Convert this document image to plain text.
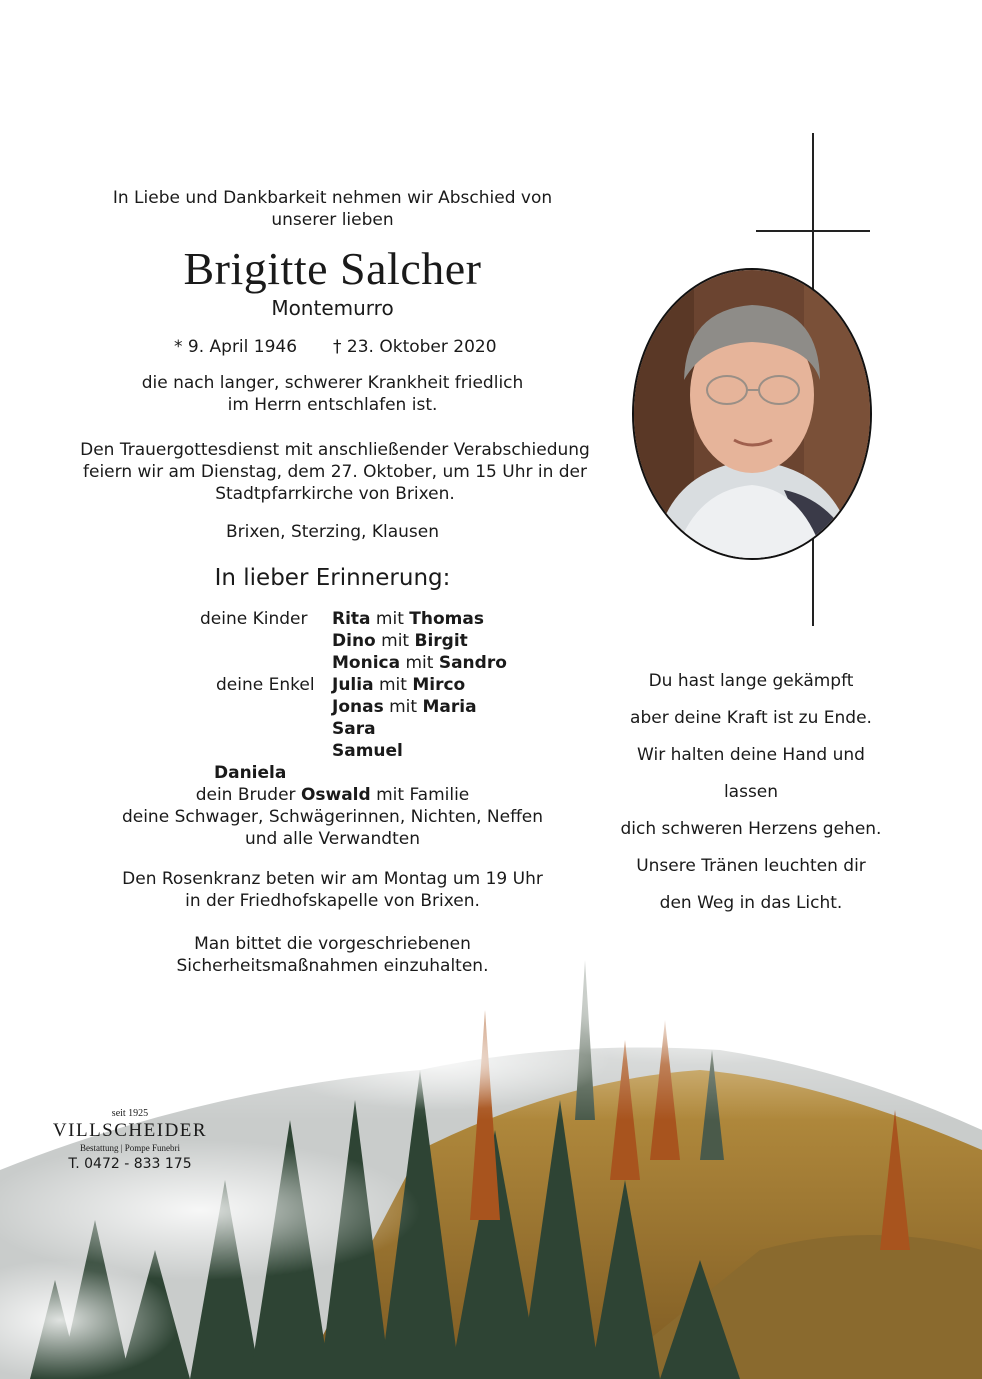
In Liebe und Dankbarkeit nehmen wir Abschied von
unserer lieben
Brigitte Salcher
Montemurro
* 9. April 1946 † 23. Oktober 2020
die nach langer, schwerer Krankheit friedlich
im Herrn entschlafen ist.
Den Trauergottesdienst mit anschließender Verabschiedung
feiern wir am Dienstag, dem 27. Oktober, um 15 Uhr in der
Stadtpfarrkirche von Brixen.
Brixen, Sterzing, Klausen
In lieber Erinnerung:
deine Kinder Rita mit Thomas
Dino mit Birgit
Monica mit Sandro
deine Enkel Julia mit Mirco
Jonas mit Maria
Sara
Samuel
Daniela
dein Bruder Oswald mit Familie
deine Schwager, Schwägerinnen, Nichten, Neffen
und alle Verwandten
Den Rosenkranz beten wir am Montag um 19 Uhr
in der Friedhofskapelle von Brixen.
Man bittet die vorgeschriebenen
Sicherheitsmaßnahmen einzuhalten.
Du hast lange gekämpft
aber deine Kraft ist zu Ende.
Wir halten deine Hand und lassen
dich schweren Herzens gehen.
Unsere Tränen leuchten dir
den Weg in das Licht.
seit 1925
VILLSCHEIDER
Bestattung | Pompe Funebri
T. 0472 - 833 175
